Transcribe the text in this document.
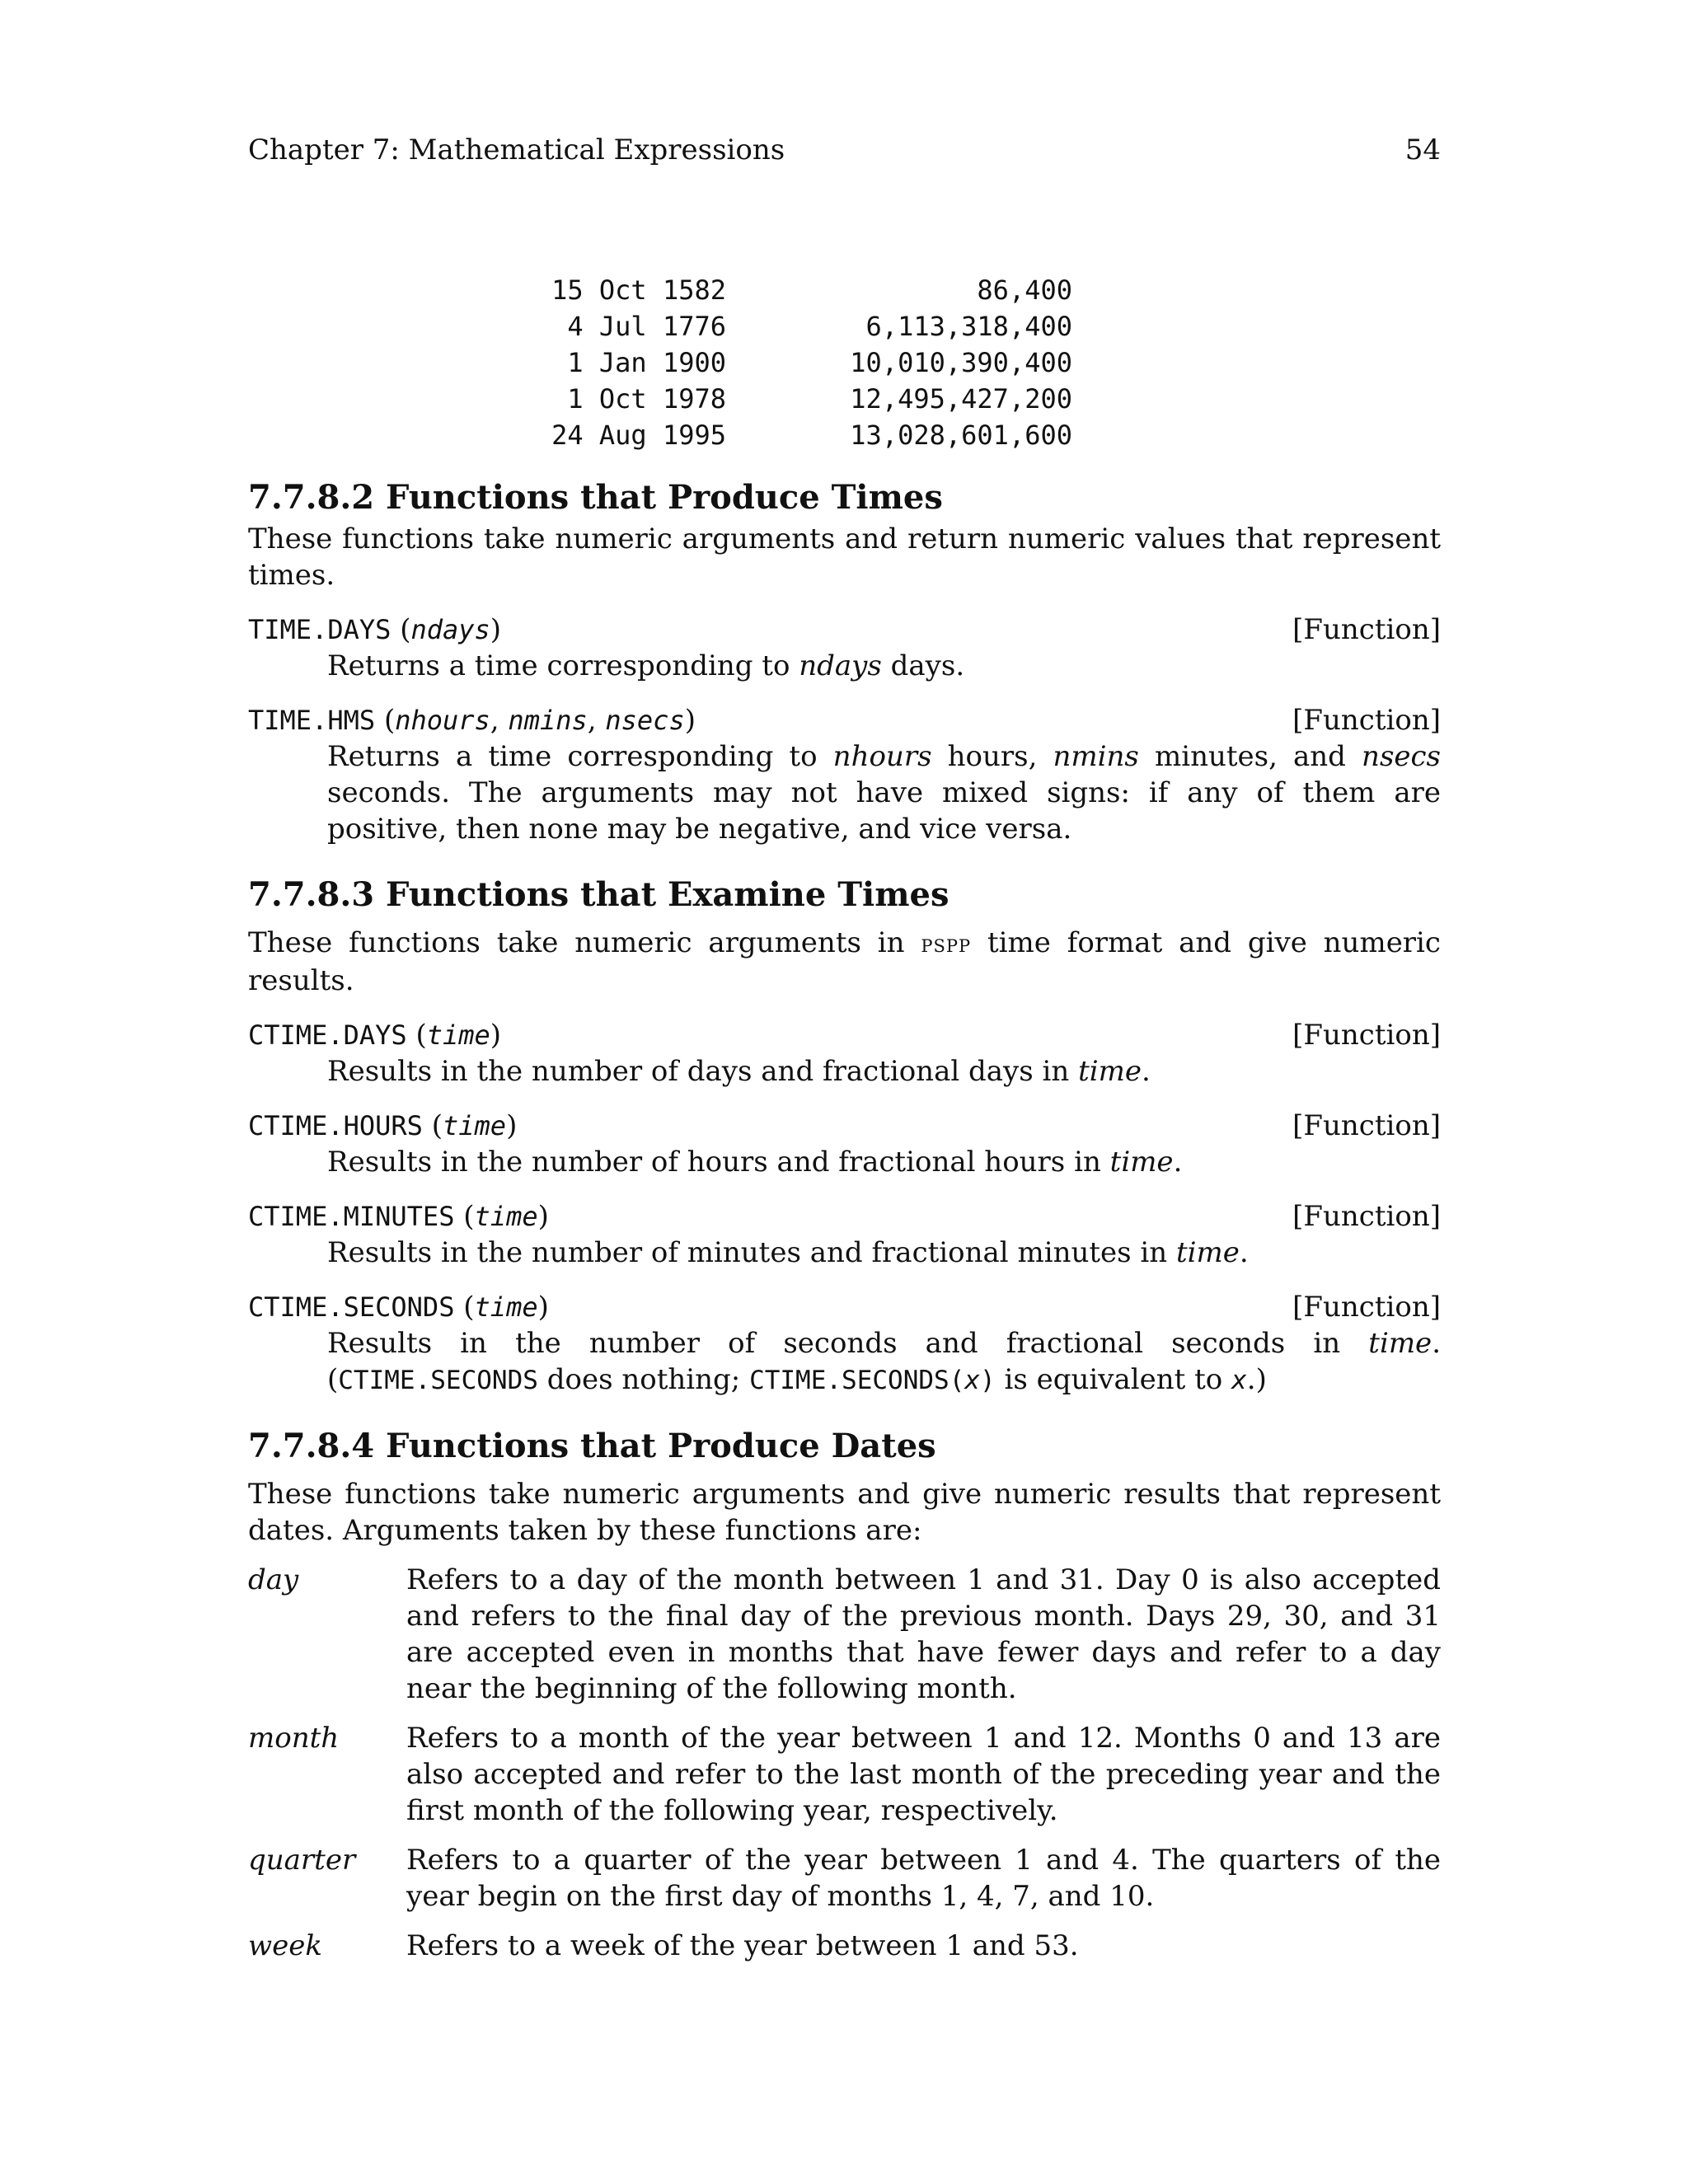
Chapter 7: Mathematical Expressions	54
15 Oct 1582	86,400
4 Jul 1776	6,113,318,400
1 Jan 1900	10,010,390,400
1 Oct 1978	12,495,427,200
24 Aug 1995	13,028,601,600
7.7.8.2 Functions that Produce Times

These functions take numeric arguments and return numeric values that represent times.

TIME.DAYS (ndays)	[Function]
Returns a time corresponding to ndays days.
TIME.HMS (nhours, nmins, nsecs)	[Function]
Returns a time corresponding to nhours hours, nmins minutes, and nsecs seconds. The arguments may not have mixed signs: if any of them are positive, then none may be negative, and vice versa.
7.7.8.3 Functions that Examine Times

These functions take numeric arguments in pspp time format and give numeric results.

CTIME.DAYS (time)	[Function]
Results in the number of days and fractional days in time.
CTIME.HOURS (time)	[Function]
Results in the number of hours and fractional hours in time.
CTIME.MINUTES (time)	[Function]
Results in the number of minutes and fractional minutes in time.
CTIME.SECONDS (time)	[Function]
Results in the number of seconds and fractional seconds in time. (CTIME.SECONDS does nothing; CTIME.SECONDS(x) is equivalent to x.)
7.7.8.4 Functions that Produce Dates

These functions take numeric arguments and give numeric results that represent dates. Arguments taken by these functions are:

day	Refers to a day of the month between 1 and 31. Day 0 is also accepted and refers to the final day of the previous month. Days 29, 30, and 31 are accepted even in months that have fewer days and refer to a day near the beginning of the following month.
month	Refers to a month of the year between 1 and 12. Months 0 and 13 are also accepted and refer to the last month of the preceding year and the first month of the following year, respectively.
quarter	Refers to a quarter of the year between 1 and 4. The quarters of the year begin on the first day of months 1, 4, 7, and 10.
week	Refers to a week of the year between 1 and 53.
